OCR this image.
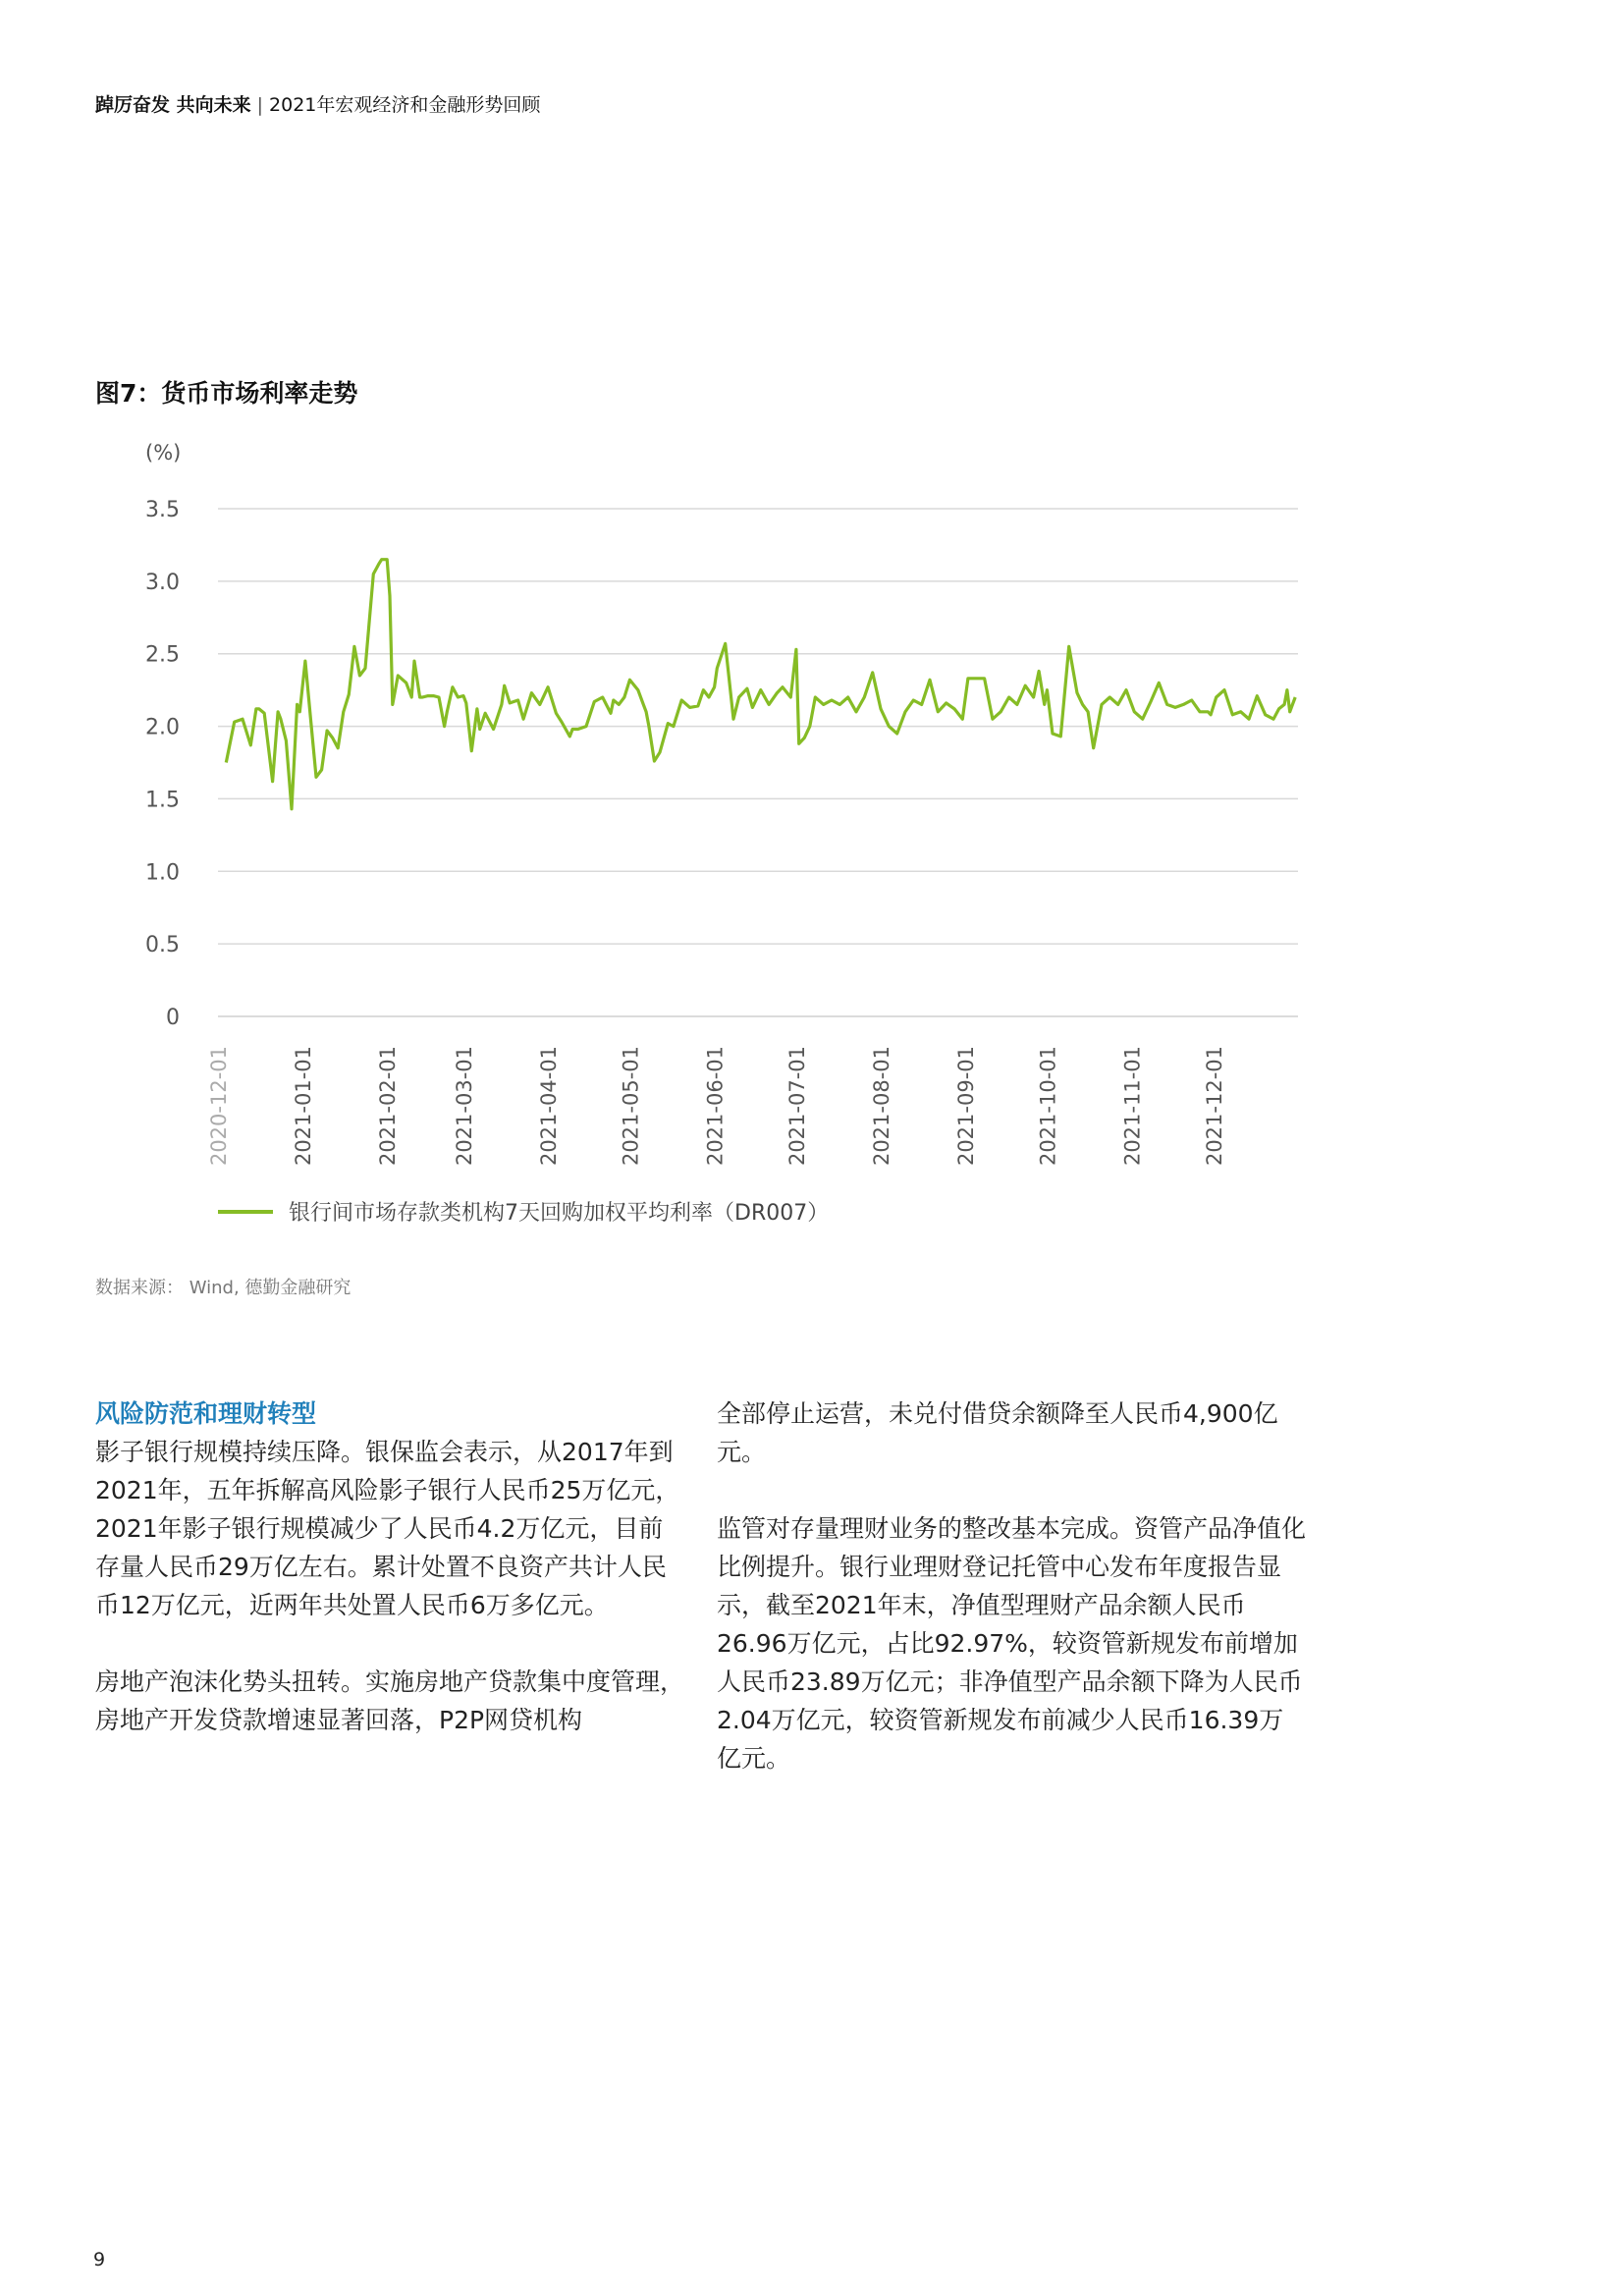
踔厉奋发 共向未来 | 2021年宏观经济和金融形势回顾
图7：货币市场利率走势
(%)
3.5
3.0
2.5
2.0
1.5
1.0
0.5
0
2020-12-01	2021-01-01	2021-02-01	2021-03-01	2021-04-01	2021-05-01	2021-06-01	2021-07-01	2021-08-01	2021-09-01	2021-10-01	2021-11-01	2021-12-01
银行间市场存款类机构7天回购加权平均利率（DR007）
数据来源： Wind, 德勤金融研究
风险防范和理财转型

影子银行规模持续压降。银保监会表示，从2017年到2021年，五年拆解高风险影子银行人民币25万亿元，2021年影子银行规模减少了人民币4.2万亿元，目前存量人民币29万亿左右。累计处置不良资产共计人民币12万亿元，近两年共处置人民币6万多亿元。

房地产泡沫化势头扭转。实施房地产贷款集中度管理，房地产开发贷款增速显著回落，P2P网贷机构

全部停止运营，未兑付借贷余额降至人民币4,900亿元。

监管对存量理财业务的整改基本完成。资管产品净值化比例提升。银行业理财登记托管中心发布年度报告显示，截至2021年末，净值型理财产品余额人民币26.96万亿元，占比92.97%，较资管新规发布前增加人民币23.89万亿元；非净值型产品余额下降为人民币2.04万亿元，较资管新规发布前减少人民币16.39万亿元。

9
